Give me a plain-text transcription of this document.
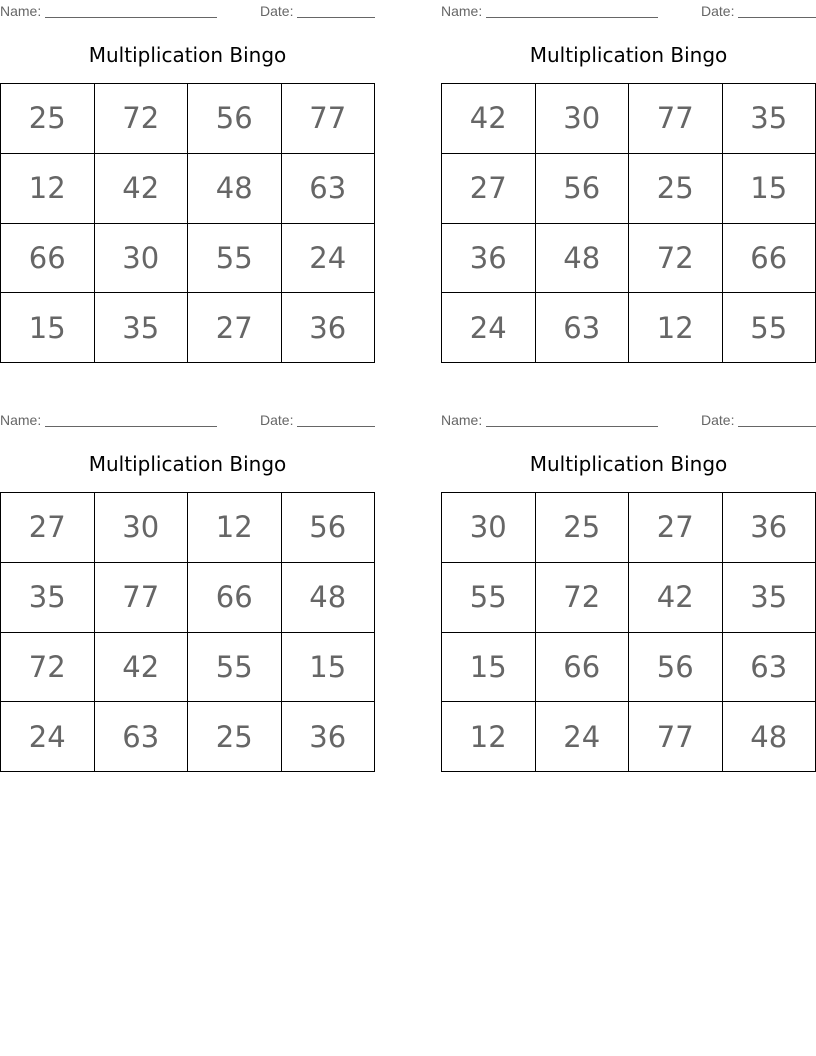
Name:	Date:
Multiplication Bingo
25	72	56	77
12	42	48	63
66	30	55	24
15	35	27	36
Name:	Date:
Multiplication Bingo
42	30	77	35
27	56	25	15
36	48	72	66
24	63	12	55
Name:	Date:
Multiplication Bingo
27	30	12	56
35	77	66	48
72	42	55	15
24	63	25	36
Name:	Date:
Multiplication Bingo
30	25	27	36
55	72	42	35
15	66	56	63
12	24	77	48
